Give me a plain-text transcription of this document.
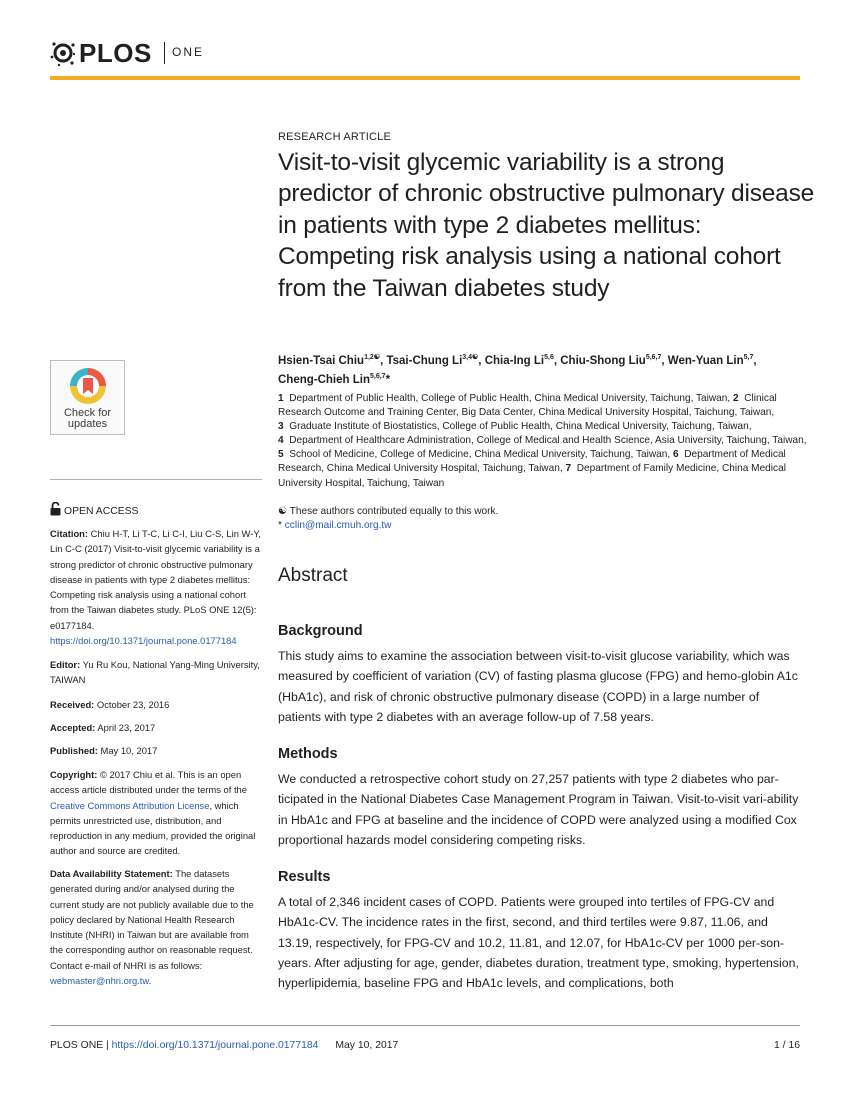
PLOS ONE
Check for
updates
RESEARCH ARTICLE
Visit-to-visit glycemic variability is a strong predictor of chronic obstructive pulmonary disease in patients with type 2 diabetes mellitus: Competing risk analysis using a national cohort from the Taiwan diabetes study
Hsien-Tsai Chiu$^{1,2☯}$, Tsai-Chung $Li^{3,4☯}$, Chia-Ing Li$^{5,6}$, Chiu-Shong Liu$^{5,6,7}$, Wen-Yuan Lin$^{5,7}$, Cheng-Chieh Lin$^{5,6,7}$*
1 Department of Public Health, College of Public Health, China Medical University, Taichung, Taiwan, 2 Clinical Research Outcome and Training Center, Big Data Center, China Medical University Hospital, Taichung, Taiwan, 3 Graduate Institute of Biostatistics, College of Public Health, China Medical University, Taichung, Taiwan, 4 Department of Healthcare Administration, College of Medical and Health Science, Asia University, Taichung, Taiwan, 5 School of Medicine, College of Medicine, China Medical University, Taichung, Taiwan, 6 Department of Medical Research, China Medical University Hospital, Taichung, Taiwan, 7 Department of Family Medicine, China Medical University Hospital, Taichung, Taiwan
☯ These authors contributed equally to this work.
* cclin@mail.cmuh.org.tw
Abstract
Background
This study aims to examine the association between visit-to-visit glucose variability, which was measured by coefficient of variation (CV) of fasting plasma glucose (FPG) and hemo-globin A1c (HbA1c), and risk of chronic obstructive pulmonary disease (COPD) in a large number of patients with type 2 diabetes with an average follow-up of 7.58 years.
Methods
We conducted a retrospective cohort study on 27,257 patients with type 2 diabetes who par-ticipated in the National Diabetes Case Management Program in Taiwan. Visit-to-visit vari-ability in HbA1c and FPG at baseline and the incidence of COPD were analyzed using a modified Cox proportional hazards model considering competing risks.
Results
A total of 2,346 incident cases of COPD. Patients were grouped into tertiles of FPG-CV and HbA1c-CV. The incidence rates in the first, second, and third tertiles were 9.87, 11.06, and 13.19, respectively, for FPG-CV and 10.2, 11.81, and 12.07, for HbA1c-CV per 1000 per-son-years. After adjusting for age, gender, diabetes duration, treatment type, smoking, hypertension, hyperlipidemia, baseline FPG and HbA1c levels, and complications, both
OPEN ACCESS
Citation: Chiu H-T, Li T-C, Li C-I, Liu C-S, Lin W-Y, Lin C-C (2017) Visit-to-visit glycemic variability is a strong predictor of chronic obstructive pulmonary disease in patients with type 2 diabetes mellitus: Competing risk analysis using a national cohort from the Taiwan diabetes study. PLoS ONE 12(5): e0177184. https://doi.org/10.1371/journal.pone.0177184
Editor: Yu Ru Kou, National Yang-Ming University, TAIWAN
Received: October 23, 2016
Accepted: April 23, 2017
Published: May 10, 2017
Copyright: © 2017 Chiu et al. This is an open access article distributed under the terms of the Creative Commons Attribution License, which permits unrestricted use, distribution, and reproduction in any medium, provided the original author and source are credited.
Data Availability Statement: The datasets generated during and/or analysed during the current study are not publicly available due to the policy declared by National Health Research Institute (NHRI) in Taiwan but are available from the corresponding author on reasonable request. Contact e-mail of NHRI is as follows: webmaster@nhri.org.tw.
PLOS ONE | https://doi.org/10.1371/journal.pone.0177184 May 10, 2017	1 / 16
